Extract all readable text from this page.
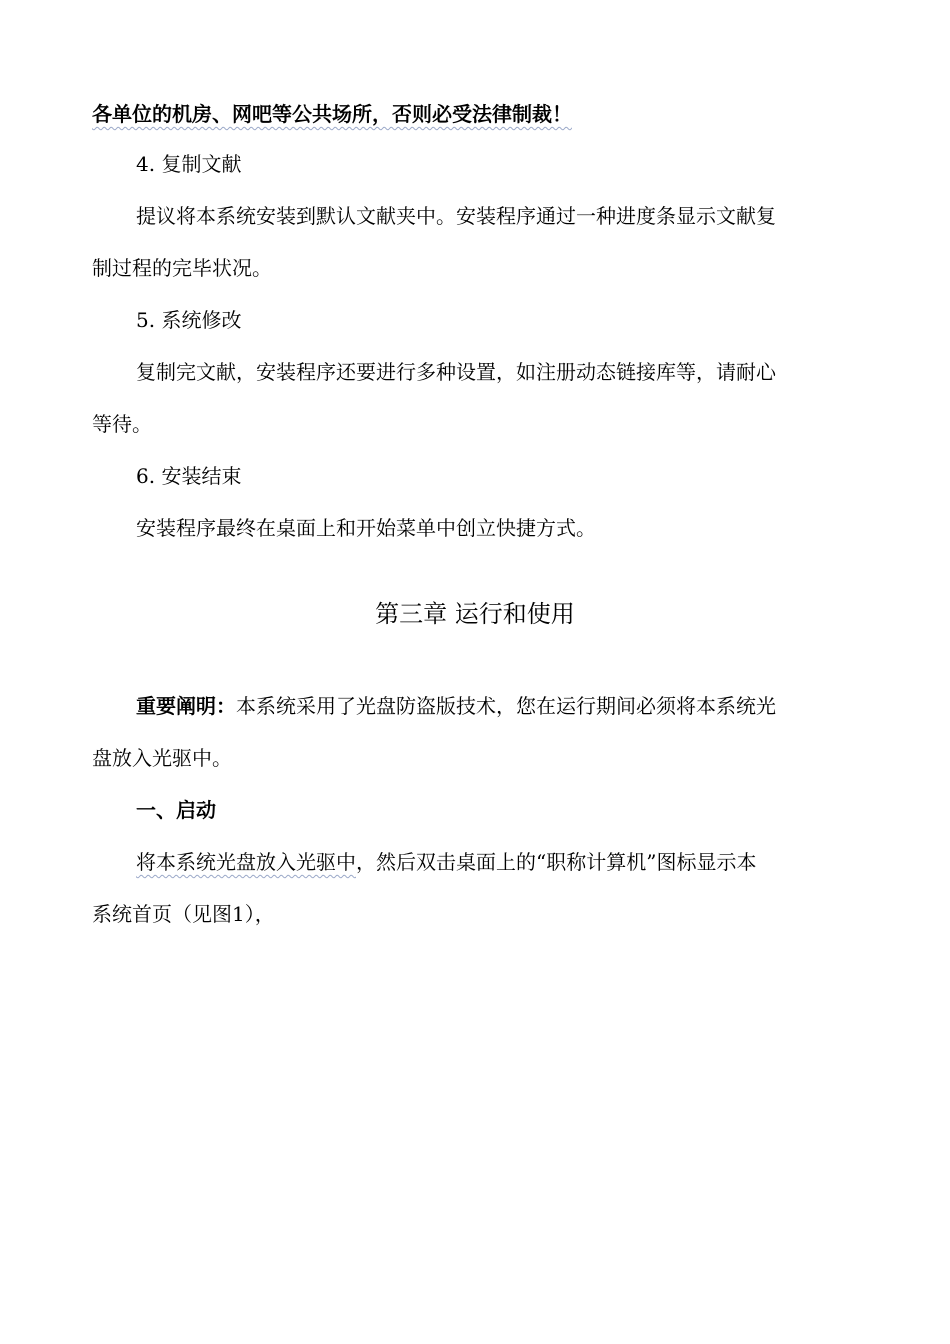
各单位的机房、网吧等公共场所，否则必受法律制裁！
4. 复制文献
提议将本系统安装到默认文献夹中。安装程序通过一种进度条显示文献复
制过程的完毕状况。
5. 系统修改
复制完文献，安装程序还要进行多种设置，如注册动态链接库等，请耐心
等待。
6. 安装结束
安装程序最终在桌面上和开始菜单中创立快捷方式。
第三章 运行和使用
重要阐明：本系统采用了光盘防盗版技术，您在运行期间必须将本系统光
盘放入光驱中。
一、启动
将本系统光盘放入光驱中，然后双击桌面上的“职称计算机”图标显示本
系统首页（见图1），
